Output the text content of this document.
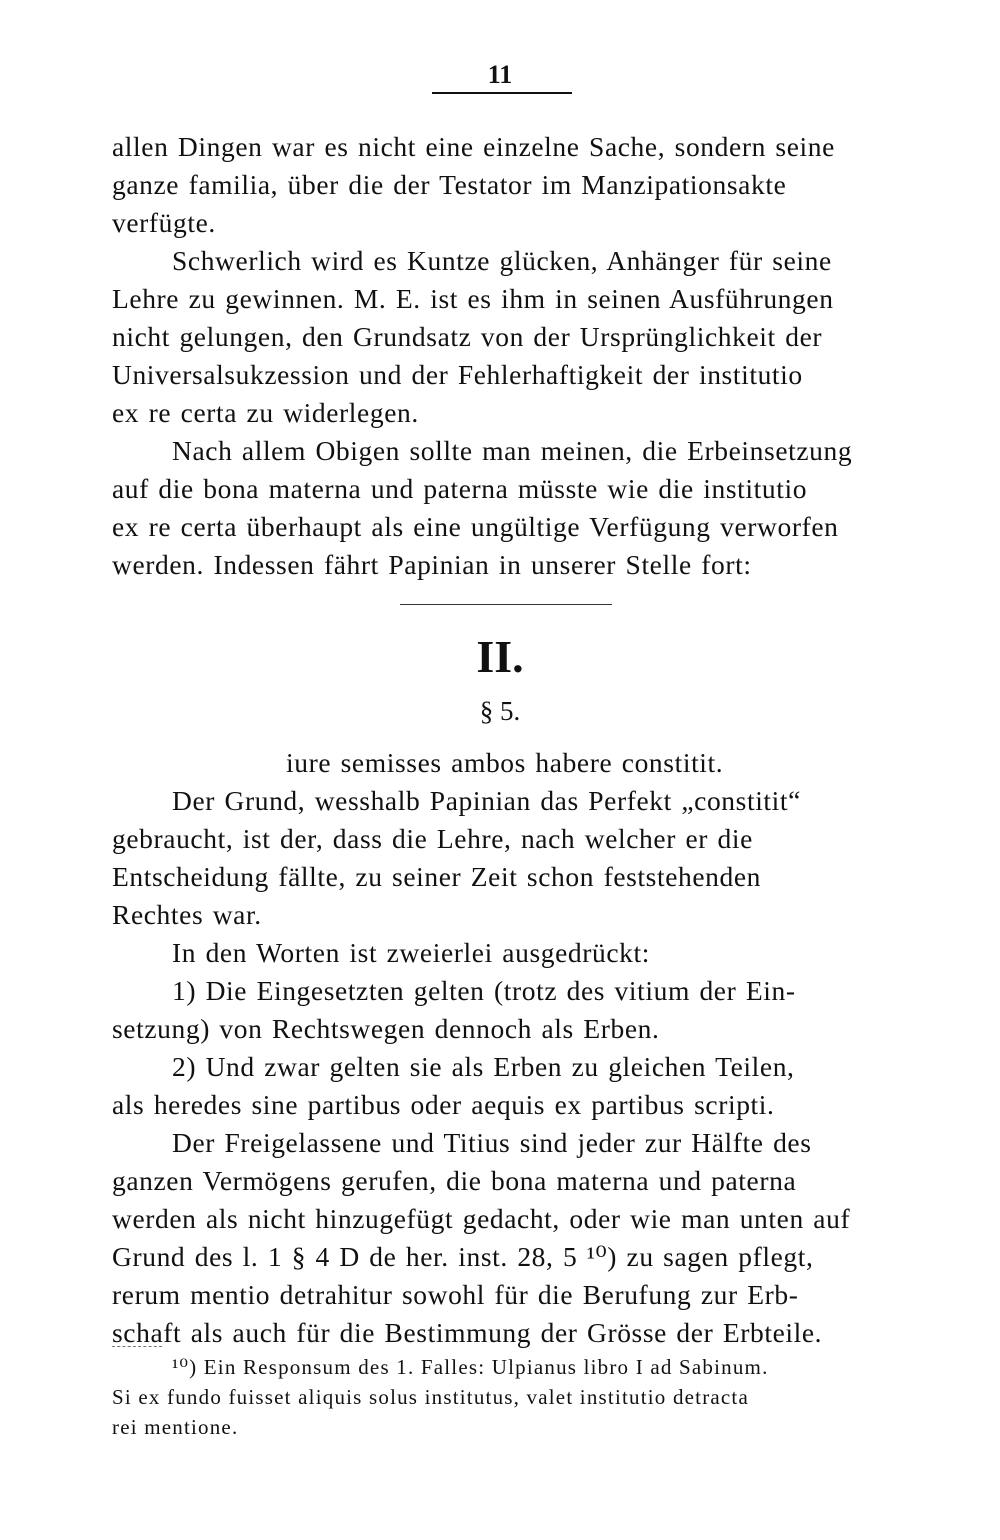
11
allen Dingen war es nicht eine einzelne Sache, sondern seine
ganze familia, über die der Testator im Manzipationsakte
verfügte.
Schwerlich wird es Kuntze glücken, Anhänger für seine
Lehre zu gewinnen. M. E. ist es ihm in seinen Ausführungen
nicht gelungen, den Grundsatz von der Ursprünglichkeit der
Universalsukzession und der Fehlerhaftigkeit der institutio
ex re certa zu widerlegen.
Nach allem Obigen sollte man meinen, die Erbeinsetzung
auf die bona materna und paterna müsste wie die institutio
ex re certa überhaupt als eine ungültige Verfügung verworfen
werden. Indessen fährt Papinian in unserer Stelle fort:
II.
§ 5.
iure semisses ambos habere constitit.
Der Grund, wesshalb Papinian das Perfekt „constitit“
gebraucht, ist der, dass die Lehre, nach welcher er die
Entscheidung fällte, zu seiner Zeit schon feststehenden
Rechtes war.
In den Worten ist zweierlei ausgedrückt:
1) Die Eingesetzten gelten (trotz des vitium der Ein-
setzung) von Rechtswegen dennoch als Erben.
2) Und zwar gelten sie als Erben zu gleichen Teilen,
als heredes sine partibus oder aequis ex partibus scripti.
Der Freigelassene und Titius sind jeder zur Hälfte des
ganzen Vermögens gerufen, die bona materna und paterna
werden als nicht hinzugefügt gedacht, oder wie man unten auf
Grund des l. 1 § 4 D de her. inst. 28, 5 ¹⁰) zu sagen pflegt,
rerum mentio detrahitur sowohl für die Berufung zur Erb-
schaft als auch für die Bestimmung der Grösse der Erbteile.
¹⁰) Ein Responsum des 1. Falles: Ulpianus libro I ad Sabinum.
Si ex fundo fuisset aliquis solus institutus, valet institutio detracta
rei mentione.
